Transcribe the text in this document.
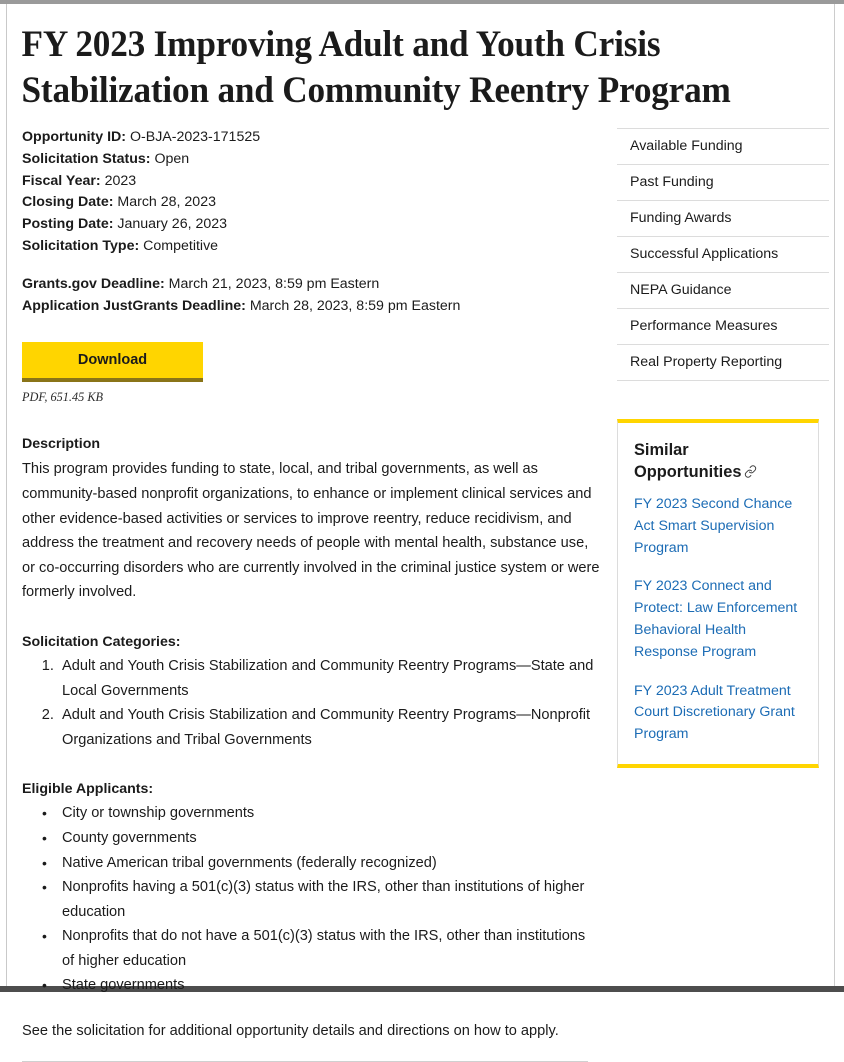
FY 2023 Improving Adult and Youth Crisis Stabilization and Community Reentry Program
Opportunity ID: O-BJA-2023-171525
Solicitation Status: Open
Fiscal Year: 2023
Closing Date: March 28, 2023
Posting Date: January 26, 2023
Solicitation Type: Competitive
Grants.gov Deadline: March 21, 2023, 8:59 pm Eastern
Application JustGrants Deadline: March 28, 2023, 8:59 pm Eastern
Download
PDF, 651.45 KB
Description

This program provides funding to state, local, and tribal governments, as well as community-based nonprofit organizations, to enhance or implement clinical services and other evidence-based activities or services to improve reentry, reduce recidivism, and address the treatment and recovery needs of people with mental health, substance use, or co-occurring disorders who are currently involved in the criminal justice system or were formerly involved.

Solicitation Categories:
1. Adult and Youth Crisis Stabilization and Community Reentry Programs—State and Local Governments
2. Adult and Youth Crisis Stabilization and Community Reentry Programs—Nonprofit Organizations and Tribal Governments
Eligible Applicants:
• City or township governments
• County governments
• Native American tribal governments (federally recognized)
• Nonprofits having a 501(c)(3) status with the IRS, other than institutions of higher education
• Nonprofits that do not have a 501(c)(3) status with the IRS, other than institutions of higher education
• State governments

See the solicitation for additional opportunity details and directions on how to apply.

Available Funding
Past Funding
Funding Awards
Successful Applications
NEPA Guidance
Performance Measures
Real Property Reporting
Similar Opportunities
FY 2023 Second Chance Act Smart Supervision Program
FY 2023 Connect and Protect: Law Enforcement Behavioral Health Response Program
FY 2023 Adult Treatment Court Discretionary Grant Program
